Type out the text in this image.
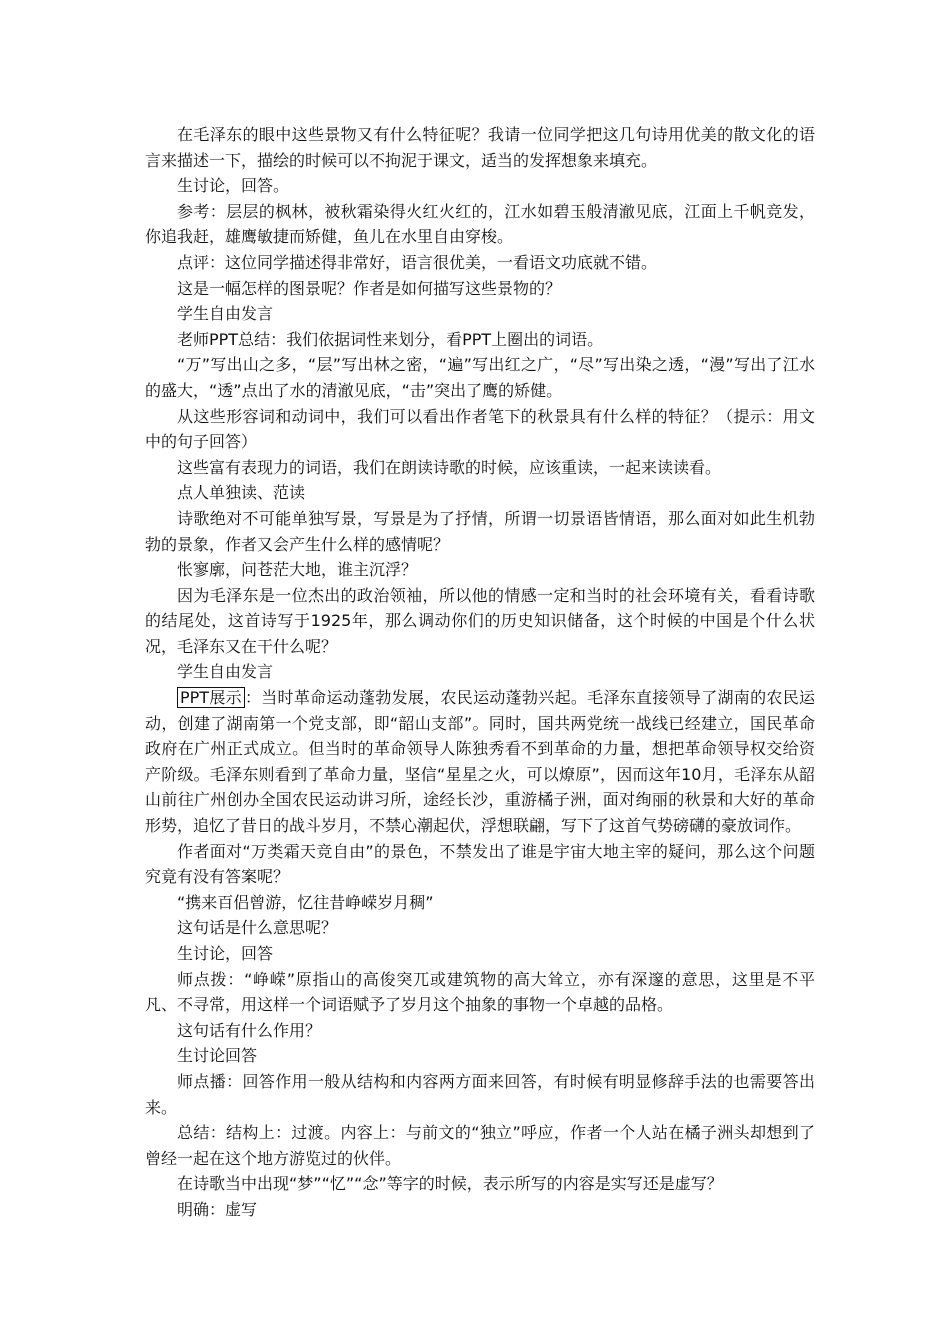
在毛泽东的眼中这些景物又有什么特征呢？我请一位同学把这几句诗用优美的散文化的语言来描述一下，描绘的时候可以不拘泥于课文，适当的发挥想象来填充。

生讨论，回答。

参考：层层的枫林，被秋霜染得火红火红的，江水如碧玉般清澈见底，江面上千帆竞发，你追我赶，雄鹰敏捷而矫健，鱼儿在水里自由穿梭。

点评：这位同学描述得非常好，语言很优美，一看语文功底就不错。

这是一幅怎样的图景呢？作者是如何描写这些景物的？

学生自由发言

老师PPT总结：我们依据词性来划分，看PPT上圈出的词语。

“万”写出山之多，“层”写出林之密，“遍”写出红之广，“尽”写出染之透，“漫”写出了江水的盛大，“透”点出了水的清澈见底，“击”突出了鹰的矫健。

从这些形容词和动词中，我们可以看出作者笔下的秋景具有什么样的特征？（提示：用文中的句子回答）

这些富有表现力的词语，我们在朗读诗歌的时候，应该重读，一起来读读看。

点人单独读、范读

诗歌绝对不可能单独写景，写景是为了抒情，所谓一切景语皆情语，那么面对如此生机勃勃的景象，作者又会产生什么样的感情呢？

怅寥廓，问苍茫大地，谁主沉浮？

因为毛泽东是一位杰出的政治领袖，所以他的情感一定和当时的社会环境有关，看看诗歌的结尾处，这首诗写于1925年，那么调动你们的历史知识储备，这个时候的中国是个什么状况，毛泽东又在干什么呢？

学生自由发言

PPT展示 ：当时革命运动蓬勃发展，农民运动蓬勃兴起。毛泽东直接领导了湖南的农民运动，创建了湖南第一个党支部，即“韶山支部”。同时，国共两党统一战线已经建立，国民革命政府在广州正式成立。但当时的革命领导人陈独秀看不到革命的力量，想把革命领导权交给资产阶级。毛泽东则看到了革命力量，坚信“星星之火，可以燎原”，因而这年10月，毛泽东从韶山前往广州创办全国农民运动讲习所，途经长沙，重游橘子洲，面对绚丽的秋景和大好的革命形势，追忆了昔日的战斗岁月，不禁心潮起伏，浮想联翩，写下了这首气势磅礴的豪放词作。

作者面对“万类霜天竞自由”的景色，不禁发出了谁是宇宙大地主宰的疑问，那么这个问题究竟有没有答案呢？

“携来百侣曾游，忆往昔峥嵘岁月稠”

这句话是什么意思呢？

生讨论，回答

师点拨：“峥嵘”原指山的高俊突兀或建筑物的高大耸立，亦有深邃的意思，这里是不平凡、不寻常，用这样一个词语赋予了岁月这个抽象的事物一个卓越的品格。

这句话有什么作用？

生讨论回答

师点播：回答作用一般从结构和内容两方面来回答，有时候有明显修辞手法的也需要答出来。

总结：结构上：过渡。内容上：与前文的“独立”呼应，作者一个人站在橘子洲头却想到了曾经一起在这个地方游览过的伙伴。

在诗歌当中出现“梦”“忆”“念”等字的时候，表示所写的内容是实写还是虚写？

明确：虚写
